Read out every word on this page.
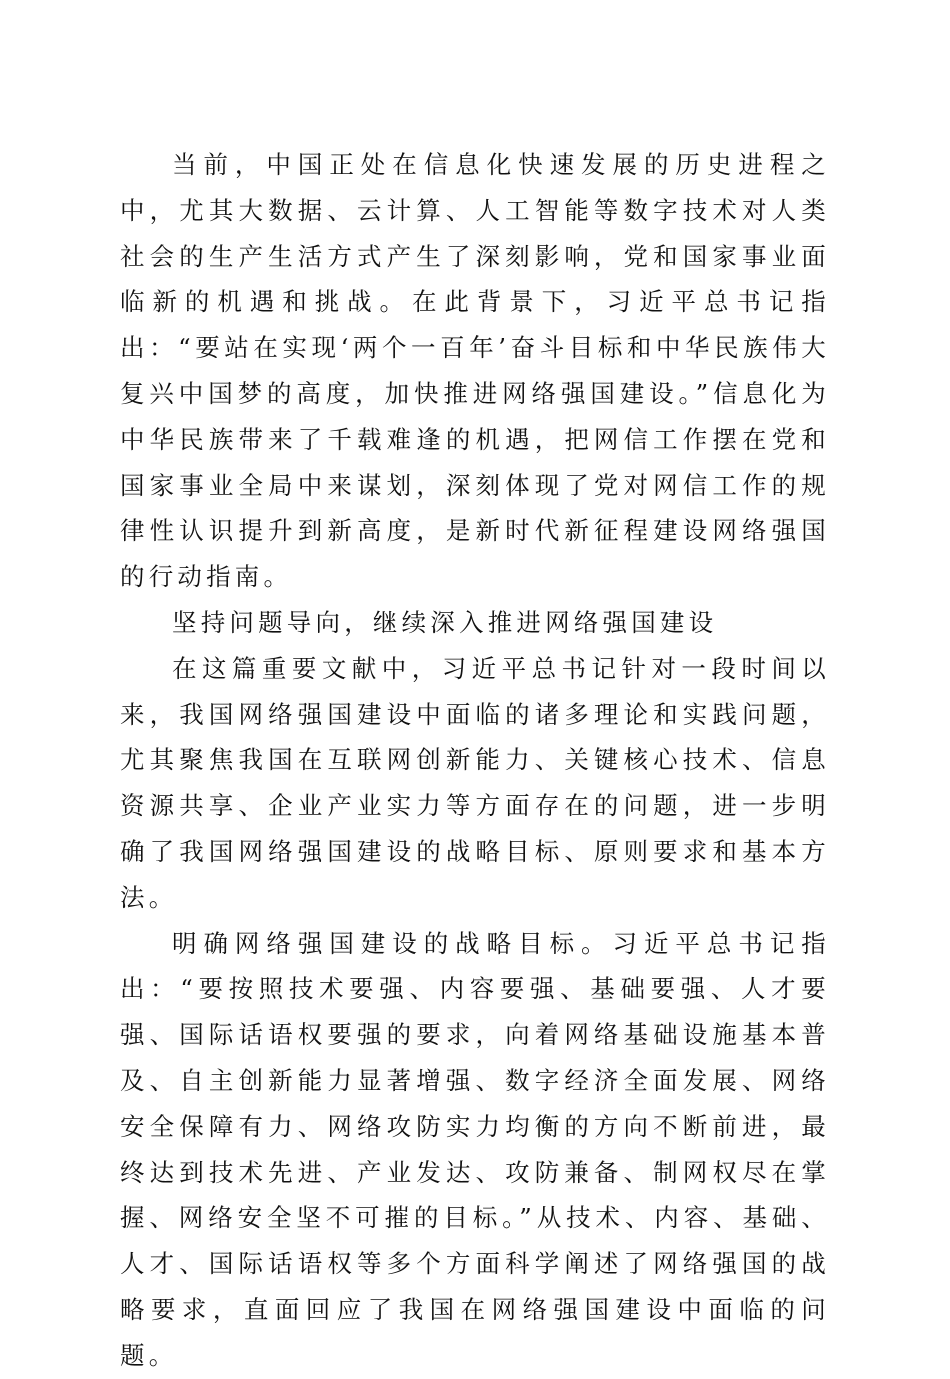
当前，中国正处在信息化快速发展的历史进程之中，尤其大数据、云计算、人工智能等数字技术对人类社会的生产生活方式产生了深刻影响，党和国家事业面临新的机遇和挑战。在此背景下，习近平总书记指出：“要站在实现‘两个一百年’奋斗目标和中华民族伟大复兴中国梦的高度，加快推进网络强国建设。”信息化为中华民族带来了千载难逢的机遇，把网信工作摆在党和国家事业全局中来谋划，深刻体现了党对网信工作的规律性认识提升到新高度，是新时代新征程建设网络强国的行动指南。

坚持问题导向，继续深入推进网络强国建设

在这篇重要文献中，习近平总书记针对一段时间以来，我国网络强国建设中面临的诸多理论和实践问题，尤其聚焦我国在互联网创新能力、关键核心技术、信息资源共享、企业产业实力等方面存在的问题，进一步明确了我国网络强国建设的战略目标、原则要求和基本方法。

明确网络强国建设的战略目标。习近平总书记指出：“要按照技术要强、内容要强、基础要强、人才要强、国际话语权要强的要求，向着网络基础设施基本普及、自主创新能力显著增强、数字经济全面发展、网络安全保障有力、网络攻防实力均衡的方向不断前进，最终达到技术先进、产业发达、攻防兼备、制网权尽在掌握、网络安全坚不可摧的目标。”从技术、内容、基础、人才、国际话语权等多个方面科学阐述了网络强国的战略要求，直面回应了我国在网络强国建设中面临的问题。
